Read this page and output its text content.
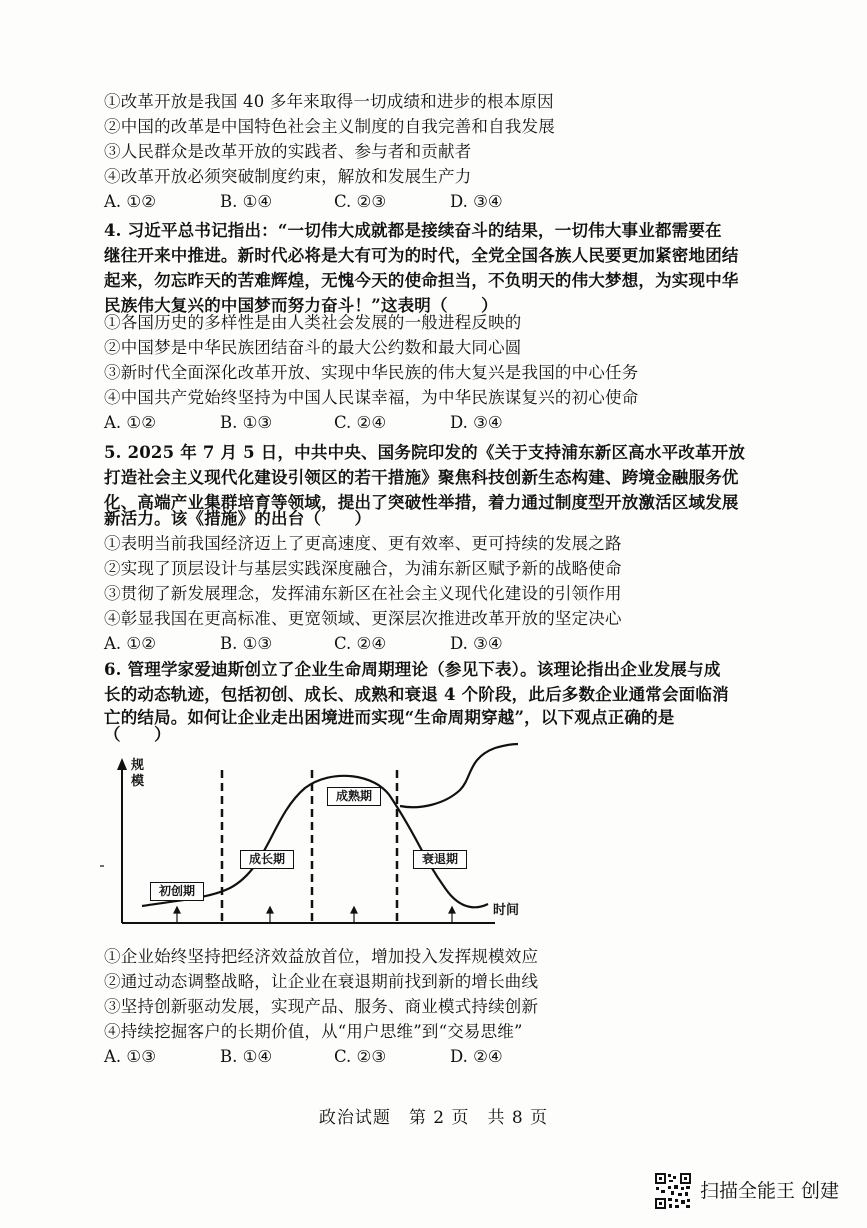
①改革开放是我国 40 多年来取得一切成绩和进步的根本原因
②中国的改革是中国特色社会主义制度的自我完善和自我发展
③人民群众是改革开放的实践者、参与者和贡献者
④改革开放必须突破制度约束，解放和发展生产力
A. ①②	B. ①④	C. ②③	D. ③④
4. 习近平总书记指出：“一切伟大成就都是接续奋斗的结果，一切伟大事业都需要在
继往开来中推进。新时代必将是大有可为的时代，全党全国各族人民要更加紧密地团结
起来，勿忘昨天的苦难辉煌，无愧今天的使命担当，不负明天的伟大梦想，为实现中华
民族伟大复兴的中国梦而努力奋斗！”这表明（　　）
①各国历史的多样性是由人类社会发展的一般进程反映的
②中国梦是中华民族团结奋斗的最大公约数和最大同心圆
③新时代全面深化改革开放、实现中华民族的伟大复兴是我国的中心任务
④中国共产党始终坚持为中国人民谋幸福，为中华民族谋复兴的初心使命
A. ①②	B. ①③	C. ②④	D. ③④
5. 2025 年 7 月 5 日，中共中央、国务院印发的《关于支持浦东新区高水平改革开放
打造社会主义现代化建设引领区的若干措施》聚焦科技创新生态构建、跨境金融服务优
化、高端产业集群培育等领域，提出了突破性举措，着力通过制度型开放激活区域发展
新活力。该《措施》的出台（　　）
①表明当前我国经济迈上了更高速度、更有效率、更可持续的发展之路
②实现了顶层设计与基层实践深度融合，为浦东新区赋予新的战略使命
③贯彻了新发展理念，发挥浦东新区在社会主义现代化建设的引领作用
④彰显我国在更高标准、更宽领域、更深层次推进改革开放的坚定决心
A. ①②	B. ①③	C. ②④	D. ③④
6. 管理学家爱迪斯创立了企业生命周期理论（参见下表）。该理论指出企业发展与成
长的动态轨迹，包括初创、成长、成熟和衰退 4 个阶段，此后多数企业通常会面临消
亡的结局。如何让企业走出困境进而实现“生命周期穿越”，以下观点正确的是
（　　）
规
模
时间
初创期
成长期
成熟期
衰退期
①企业始终坚持把经济效益放首位，增加投入发挥规模效应
②通过动态调整战略，让企业在衰退期前找到新的增长曲线
③坚持创新驱动发展，实现产品、服务、商业模式持续创新
④持续挖掘客户的长期价值，从“用户思维”到“交易思维”
A. ①③	B. ①④	C. ②③	D. ②④
政治试题　第 2 页　共 8 页
扫描全能王 创建
